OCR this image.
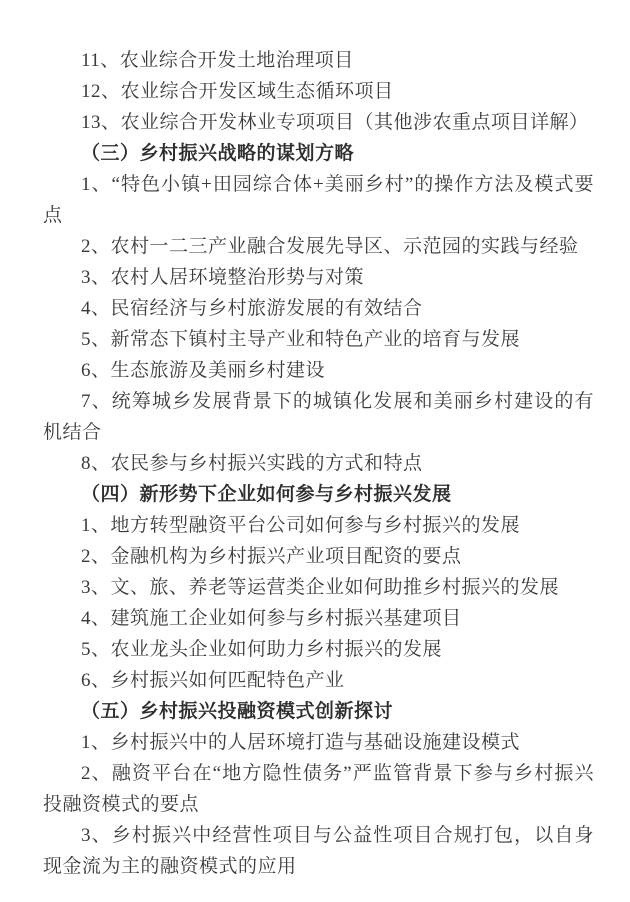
11、农业综合开发土地治理项目

12、农业综合开发区域生态循环项目

13、农业综合开发林业专项项目（其他涉农重点项目详解）

（三）乡村振兴战略的谋划方略

1、“特色小镇+田园综合体+美丽乡村”的操作方法及模式要点

2、农村一二三产业融合发展先导区、示范园的实践与经验

3、农村人居环境整治形势与对策

4、民宿经济与乡村旅游发展的有效结合

5、新常态下镇村主导产业和特色产业的培育与发展

6、生态旅游及美丽乡村建设

7、统筹城乡发展背景下的城镇化发展和美丽乡村建设的有机结合

8、农民参与乡村振兴实践的方式和特点

（四）新形势下企业如何参与乡村振兴发展

1、地方转型融资平台公司如何参与乡村振兴的发展

2、金融机构为乡村振兴产业项目配资的要点

3、文、旅、养老等运营类企业如何助推乡村振兴的发展

4、建筑施工企业如何参与乡村振兴基建项目

5、农业龙头企业如何助力乡村振兴的发展

6、乡村振兴如何匹配特色产业

（五）乡村振兴投融资模式创新探讨

1、乡村振兴中的人居环境打造与基础设施建设模式

2、融资平台在“地方隐性债务”严监管背景下参与乡村振兴投融资模式的要点

3、乡村振兴中经营性项目与公益性项目合规打包，以自身现金流为主的融资模式的应用
